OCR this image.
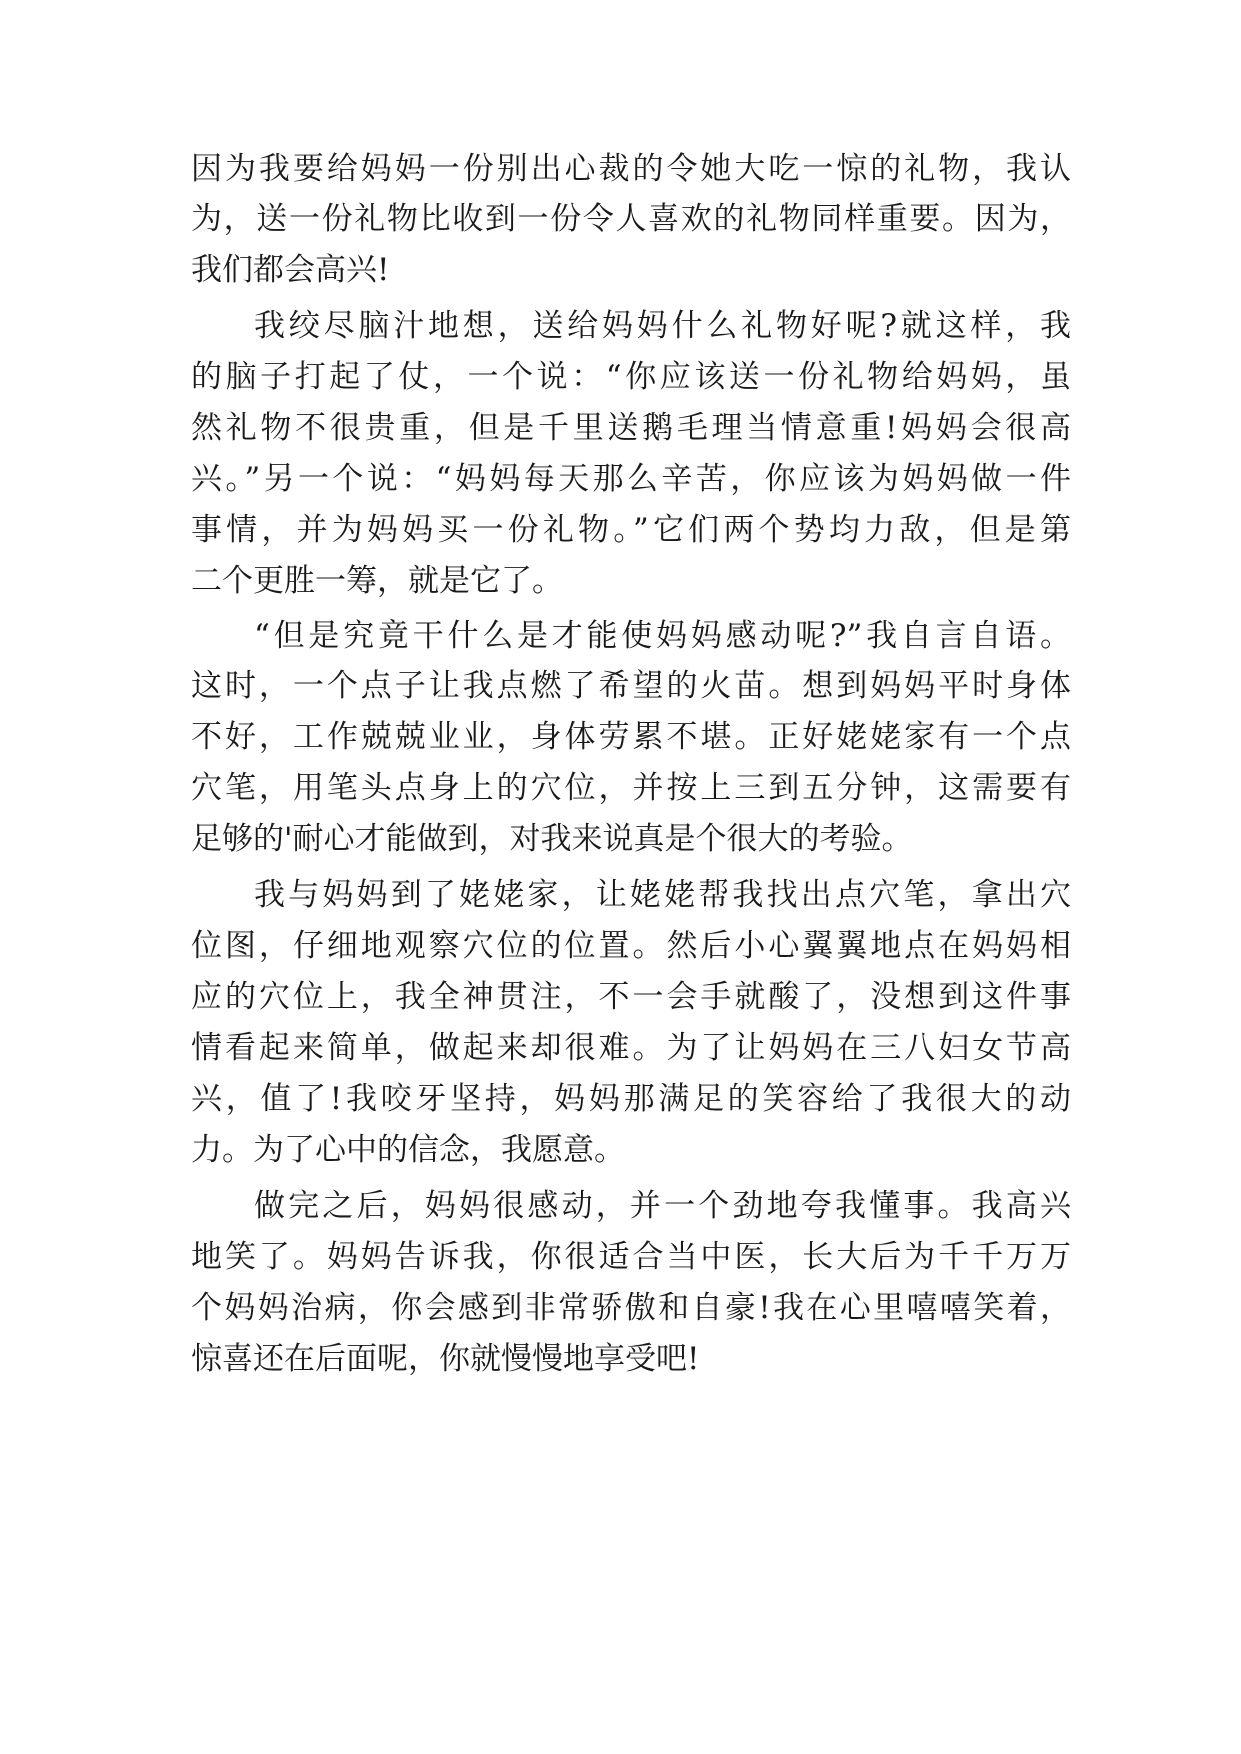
因为我要给妈妈一份别出心裁的令她大吃一惊的礼物，我认

为，送一份礼物比收到一份令人喜欢的礼物同样重要。因为，

我们都会高兴!

我绞尽脑汁地想，送给妈妈什么礼物好呢?就这样，我

的脑子打起了仗，一个说：“你应该送一份礼物给妈妈，虽

然礼物不很贵重，但是千里送鹅毛理当情意重!妈妈会很高

兴。”另一个说：“妈妈每天那么辛苦，你应该为妈妈做一件

事情，并为妈妈买一份礼物。”它们两个势均力敌，但是第

二个更胜一筹，就是它了。

“但是究竟干什么是才能使妈妈感动呢?”我自言自语。

这时，一个点子让我点燃了希望的火苗。想到妈妈平时身体

不好，工作兢兢业业，身体劳累不堪。正好姥姥家有一个点

穴笔，用笔头点身上的穴位，并按上三到五分钟，这需要有

足够的'耐心才能做到，对我来说真是个很大的考验。

我与妈妈到了姥姥家，让姥姥帮我找出点穴笔，拿出穴

位图，仔细地观察穴位的位置。然后小心翼翼地点在妈妈相

应的穴位上，我全神贯注，不一会手就酸了，没想到这件事

情看起来简单，做起来却很难。为了让妈妈在三八妇女节高

兴，值了!我咬牙坚持，妈妈那满足的笑容给了我很大的动

力。为了心中的信念，我愿意。

做完之后，妈妈很感动，并一个劲地夸我懂事。我高兴

地笑了。妈妈告诉我，你很适合当中医，长大后为千千万万

个妈妈治病，你会感到非常骄傲和自豪!我在心里嘻嘻笑着，

惊喜还在后面呢，你就慢慢地享受吧!
